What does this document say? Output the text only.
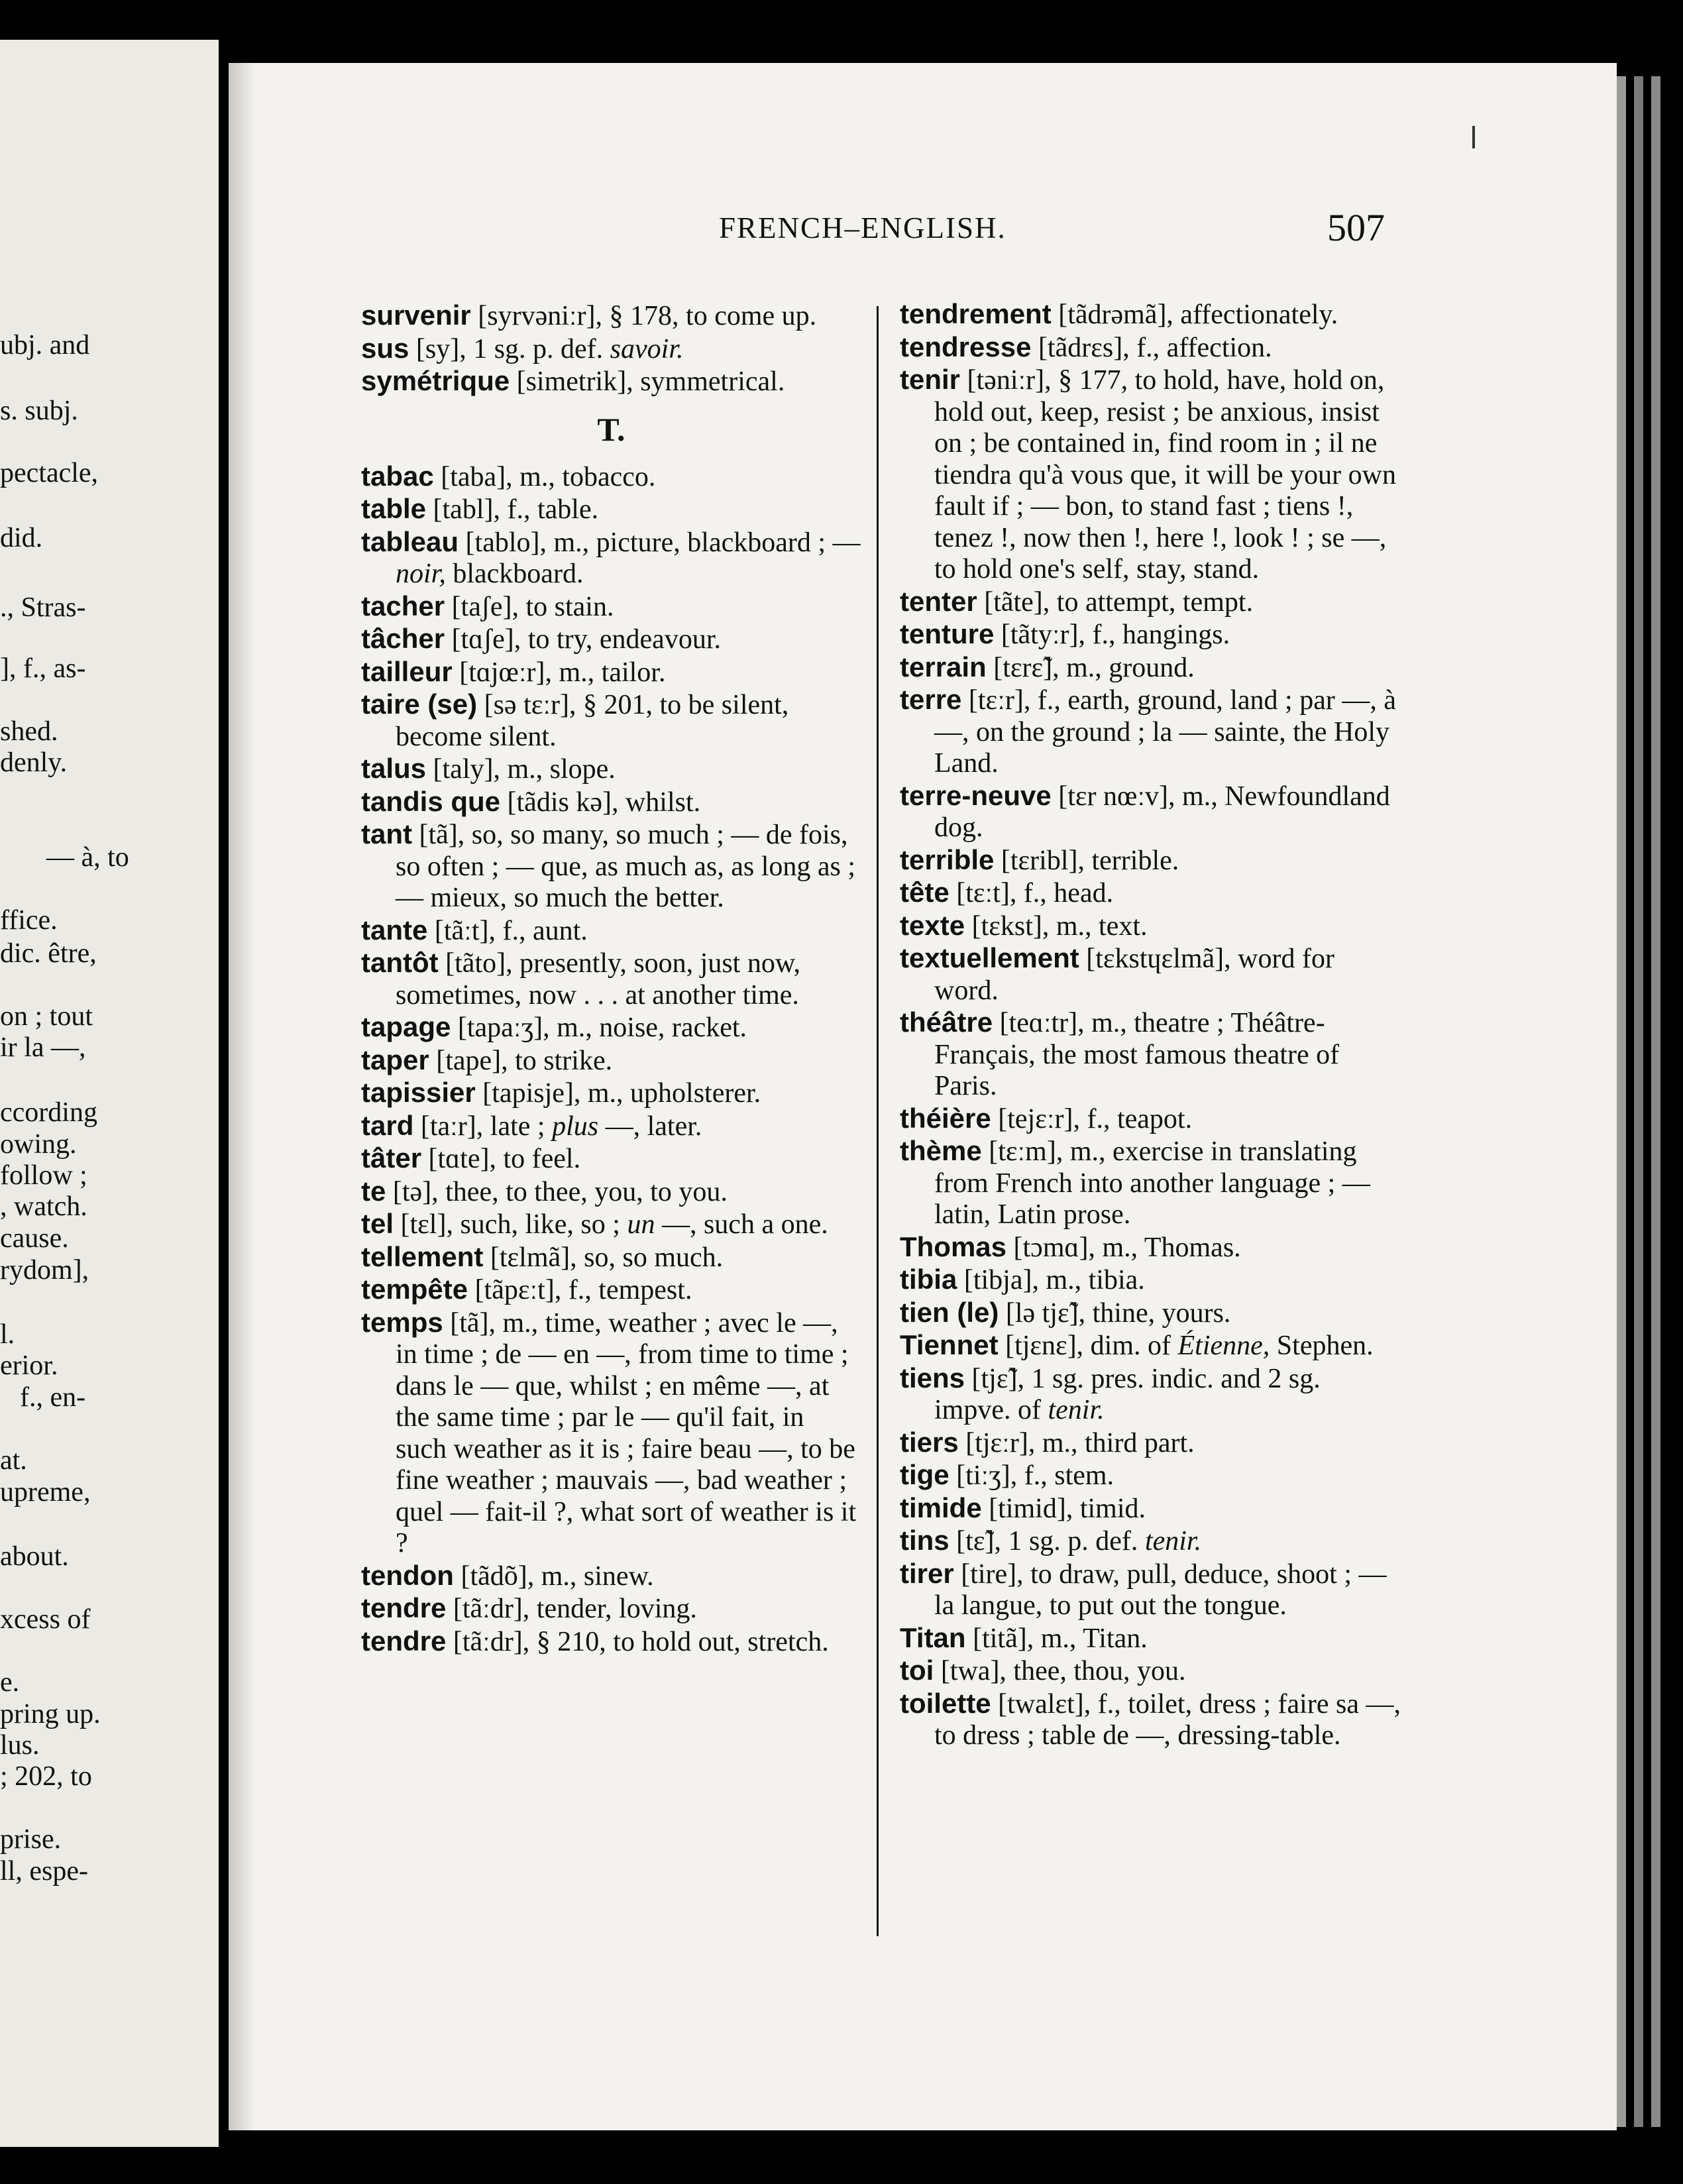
ubj. and
s. subj.
pectacle,
did.
., Stras-
], f., as-
shed.
denly.
— à, to
ffice.
dic. être,
on ; tout
ir la —,
ccording
owing.
follow ;
, watch.
cause.
rydom],
l.
erior.
f., en-
at.
upreme,
about.
xcess of
e.
pring up.
lus.
; 202, to
prise.
ll, espe-
FRENCH–ENGLISH.	507

survenir [syrvəniːr], § 178, to come up.

sus [sy], 1 sg. p. def. savoir.

symétrique [simetrik], symmetrical.

T.

tabac [taba], m., tobacco.

table [tabl], f., table.

tableau [tablo], m., picture, blackboard ; — noir, blackboard.

tacher [taʃe], to stain.

tâcher [tɑʃe], to try, endeavour.

tailleur [tɑjœːr], m., tailor.

taire (se) [sə tɛːr], § 201, to be silent, become silent.

talus [taly], m., slope.

tandis que [tãdis kə], whilst.

tant [tã], so, so many, so much ; — de fois, so often ; — que, as much as, as long as ; — mieux, so much the better.

tante [tãːt], f., aunt.

tantôt [tãto], presently, soon, just now, sometimes, now . . . at another time.

tapage [tapaːʒ], m., noise, racket.

taper [tape], to strike.

tapissier [tapisje], m., upholsterer.

tard [taːr], late ; plus —, later.

tâter [tɑte], to feel.

te [tə], thee, to thee, you, to you.

tel [tɛl], such, like, so ; un —, such a one.

tellement [tɛlmã], so, so much.

tempête [tãpɛːt], f., tempest.

temps [tã], m., time, weather ; avec le —, in time ; de — en —, from time to time ; dans le — que, whilst ; en même —, at the same time ; par le — qu'il fait, in such weather as it is ; faire beau —, to be fine weather ; mauvais —, bad weather ; quel — fait-il ?, what sort of weather is it ?

tendon [tãdõ], m., sinew.

tendre [tãːdr], tender, loving.

tendre [tãːdr], § 210, to hold out, stretch.

tendrement [tãdrəmã], affectionately.

tendresse [tãdrɛs], f., affection.

tenir [təniːr], § 177, to hold, have, hold on, hold out, keep, resist ; be anxious, insist on ; be contained in, find room in ; il ne tiendra qu'à vous que, it will be your own fault if ; — bon, to stand fast ; tiens !, tenez !, now then !, here !, look ! ; se —, to hold one's self, stay, stand.

tenter [tãte], to attempt, tempt.

tenture [tãtyːr], f., hangings.

terrain [tɛrɛ̃], m., ground.

terre [tɛːr], f., earth, ground, land ; par —, à —, on the ground ; la — sainte, the Holy Land.

terre-neuve [tɛr nœːv], m., Newfoundland dog.

terrible [tɛribl], terrible.

tête [tɛːt], f., head.

texte [tɛkst], m., text.

textuellement [tɛkstɥɛlmã], word for word.

théâtre [teɑːtr], m., theatre ; Théâtre-Français, the most famous theatre of Paris.

théière [tejɛːr], f., teapot.

thème [tɛːm], m., exercise in translating from French into another language ; — latin, Latin prose.

Thomas [tɔmɑ], m., Thomas.

tibia [tibja], m., tibia.

tien (le) [lə tjɛ̃], thine, yours.

Tiennet [tjɛnɛ], dim. of Étienne, Stephen.

tiens [tjɛ̃], 1 sg. pres. indic. and 2 sg. impve. of tenir.

tiers [tjɛːr], m., third part.

tige [tiːʒ], f., stem.

timide [timid], timid.

tins [tɛ̃], 1 sg. p. def. tenir.

tirer [tire], to draw, pull, deduce, shoot ; — la langue, to put out the tongue.

Titan [titã], m., Titan.

toi [twa], thee, thou, you.

toilette [twalɛt], f., toilet, dress ; faire sa —, to dress ; table de —, dressing-table.
